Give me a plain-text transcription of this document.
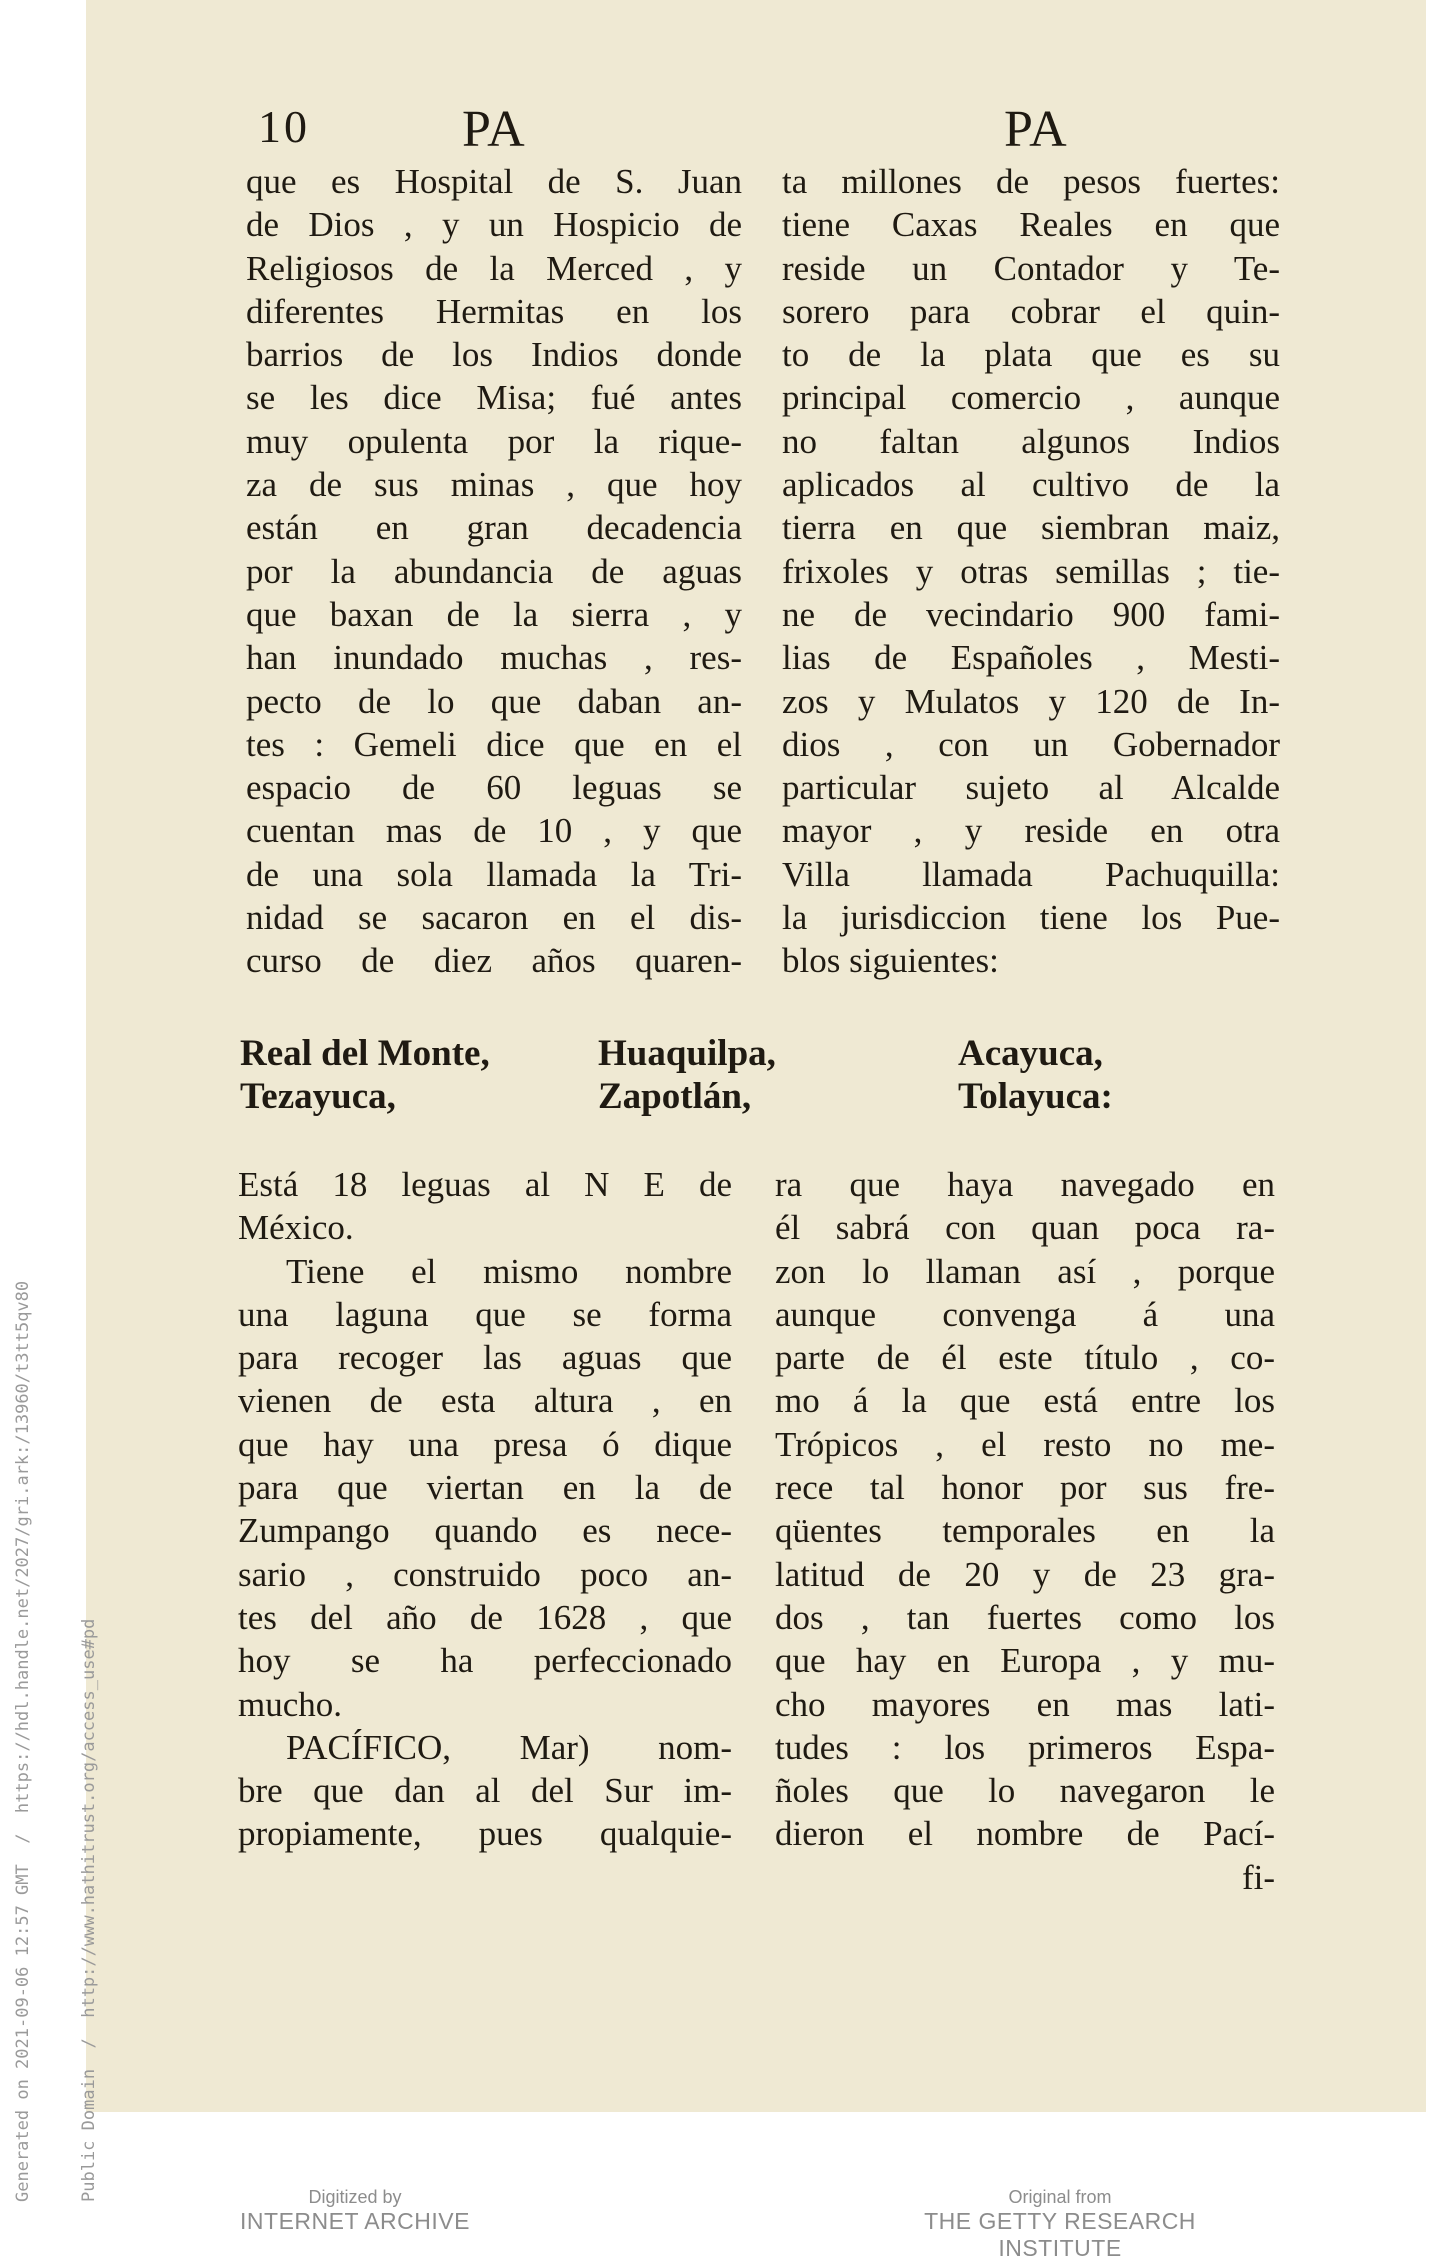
Generated on 2021-09-06 12:57 GMT  /  https://hdl.handle.net/2027/gri.ark:/13960/t3tt5qv80

	Public Domain  /  http://www.hathitrust.org/access_use#pd

10	PA	PA
que es Hospital de S. Juan
de Dios , y un Hospicio de
Religiosos de la Merced , y
diferentes Hermitas en los
barrios de los Indios donde
se les dice Misa; fué antes
muy opulenta por la rique-
za de sus minas , que hoy
están en gran decadencia
por la abundancia de aguas
que baxan de la sierra , y
han inundado muchas , res-
pecto de lo que daban an-
tes : Gemeli dice que en el
espacio de 60 leguas se
cuentan mas de 10 , y que
de una sola llamada la Tri-
nidad se sacaron en el dis-
curso de diez años quaren-
ta millones de pesos fuertes:
tiene Caxas Reales en que
reside un Contador y Te-
sorero para cobrar el quin-
to de la plata que es su
principal comercio , aunque
no faltan algunos Indios
aplicados al cultivo de la
tierra en que siembran maiz,
frixoles y otras semillas ; tie-
ne de vecindario 900 fami-
lias de Españoles , Mesti-
zos y Mulatos y 120 de In-
dios , con un Gobernador
particular sujeto al Alcalde
mayor , y reside en otra
Villa llamada Pachuquilla:
la jurisdiccion tiene los Pue-
blos siguientes:
Real del Monte,	Huaquilpa,	Acayuca,
Tezayuca,	Zapotlán,	Tolayuca:
Está 18 leguas al N E de
México.
Tiene el mismo nombre
una laguna que se forma
para recoger las aguas que
vienen de esta altura , en
que hay una presa ó dique
para que viertan en la de
Zumpango quando es nece-
sario , construido poco an-
tes del año de 1628 , que
hoy se ha perfeccionado
mucho.
PACÍFICO, Mar) nom-
bre que dan al del Sur im-
propiamente, pues qualquie-
ra que haya navegado en
él sabrá con quan poca ra-
zon lo llaman así , porque
aunque convenga á una
parte de él este título , co-
mo á la que está entre los
Trópicos , el resto no me-
rece tal honor por sus fre-
qüentes temporales en la
latitud de 20 y de 23 gra-
dos , tan fuertes como los
que hay en Europa , y mu-
cho mayores en mas lati-
tudes : los primeros Espa-
ñoles que lo navegaron le
dieron el nombre de Pací-
fi-
Digitized by
INTERNET ARCHIVE
Original from
THE GETTY RESEARCH INSTITUTE
